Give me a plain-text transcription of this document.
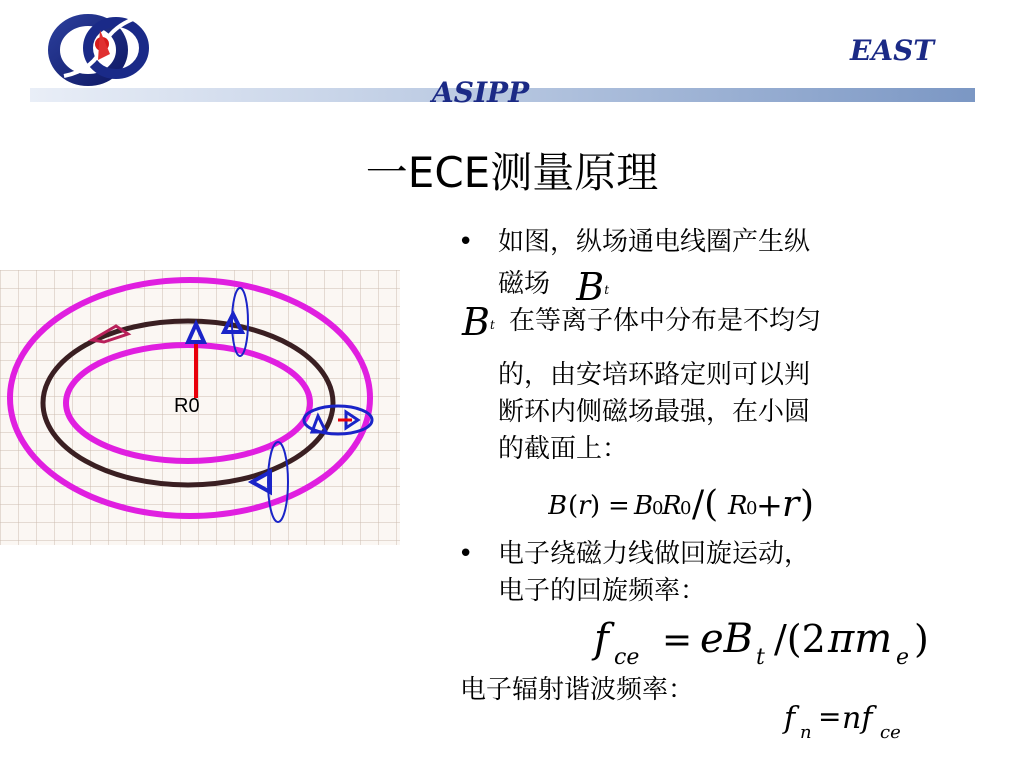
EAST
ASIPP
一ECE测量原理
R0
• 如图，纵场通电线圈产生纵
磁场 Bt
Bt 在等离子体中分布是不均匀
的，由安培环路定则可以判
断环内侧磁场最强，在小圆
的截面上：
• 电子绕磁力线做回旋运动，
电子的回旋频率：
电子辐射谐波频率：
B ( r ) = B
0
R
0 /( R
0
+ r )
f ce = eB t /(2 πm e )
f n = nf ce
